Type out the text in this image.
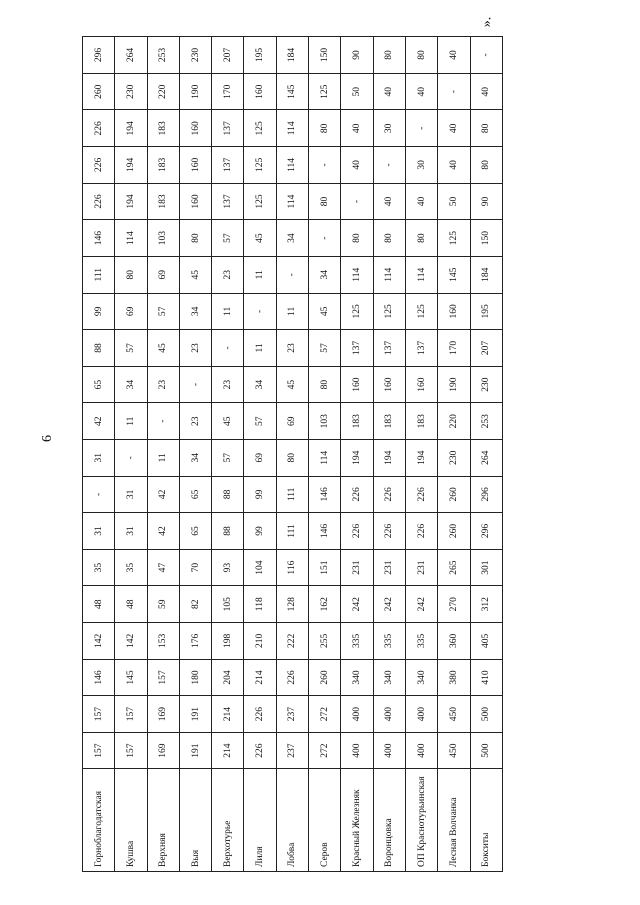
6
».
Горноблагодатская	157	157	146	142	48	35	31	-	31	42	65	88	99	111	146	226	226	226	260	296
Кушва	157	157	145	142	48	35	31	31	-	11	34	57	69	80	114	194	194	194	230	264
Верхняя	169	169	157	153	59	47	42	42	11	-	23	45	57	69	103	183	183	183	220	253
Выя	191	191	180	176	82	70	65	65	34	23	-	23	34	45	80	160	160	160	190	230
Верхотурье	214	214	204	198	105	93	88	88	57	45	23	-	11	23	57	137	137	137	170	207
Лиля	226	226	214	210	118	104	99	99	69	57	34	11	-	11	45	125	125	125	160	195
Лобва	237	237	226	222	128	116	111	111	80	69	45	23	11	-	34	114	114	114	145	184
Серов	272	272	260	255	162	151	146	146	114	103	80	57	45	34	-	80	-	80	125	150
Красный Железняк	400	400	340	335	242	231	226	226	194	183	160	137	125	114	80	-	40	40	50	90
Воронцовка	400	400	340	335	242	231	226	226	194	183	160	137	125	114	80	40	-	30	40	80
ОП Краснотурьинская	400	400	340	335	242	231	226	226	194	183	160	137	125	114	80	40	30	-	40	80
Лесная Волчанка	450	450	380	360	270	265	260	260	230	220	190	170	160	145	125	50	40	40	-	40
Бокситы	500	500	410	405	312	301	296	296	264	253	230	207	195	184	150	90	80	80	40	-
